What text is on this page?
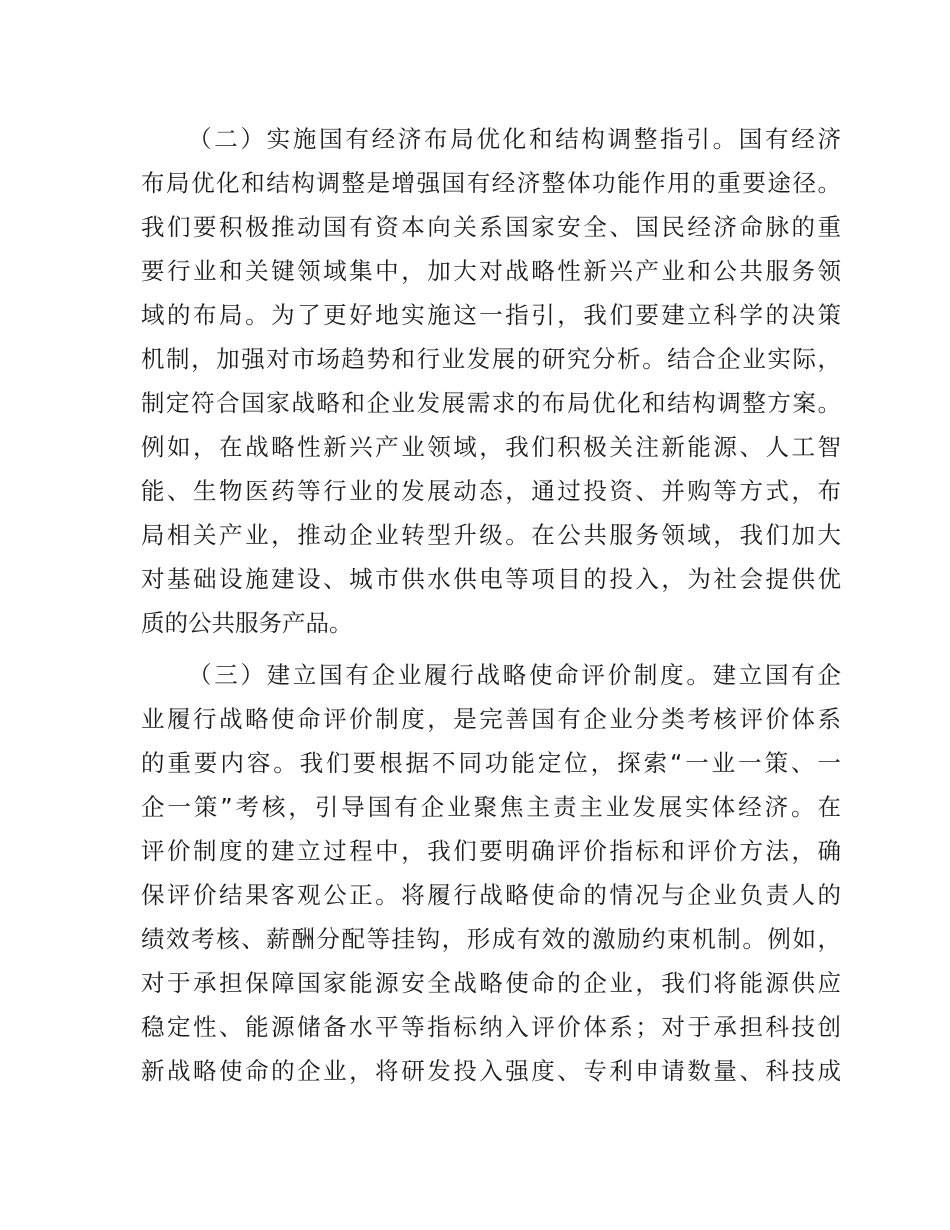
（二）实施国有经济布局优化和结构调整指引。国有经济
布局优化和结构调整是增强国有经济整体功能作用的重要途径。
我们要积极推动国有资本向关系国家安全、国民经济命脉的重
要行业和关键领域集中，加大对战略性新兴产业和公共服务领
域的布局。为了更好地实施这一指引，我们要建立科学的决策
机制，加强对市场趋势和行业发展的研究分析。结合企业实际，
制定符合国家战略和企业发展需求的布局优化和结构调整方案。
例如，在战略性新兴产业领域，我们积极关注新能源、人工智
能、生物医药等行业的发展动态，通过投资、并购等方式，布
局相关产业，推动企业转型升级。在公共服务领域，我们加大
对基础设施建设、城市供水供电等项目的投入，为社会提供优
质的公共服务产品。
（三）建立国有企业履行战略使命评价制度。建立国有企
业履行战略使命评价制度，是完善国有企业分类考核评价体系
的重要内容。我们要根据不同功能定位，探索“一业一策、一
企一策”考核，引导国有企业聚焦主责主业发展实体经济。在
评价制度的建立过程中，我们要明确评价指标和评价方法，确
保评价结果客观公正。将履行战略使命的情况与企业负责人的
绩效考核、薪酬分配等挂钩，形成有效的激励约束机制。例如，
对于承担保障国家能源安全战略使命的企业，我们将能源供应
稳定性、能源储备水平等指标纳入评价体系；对于承担科技创
新战略使命的企业，将研发投入强度、专利申请数量、科技成
